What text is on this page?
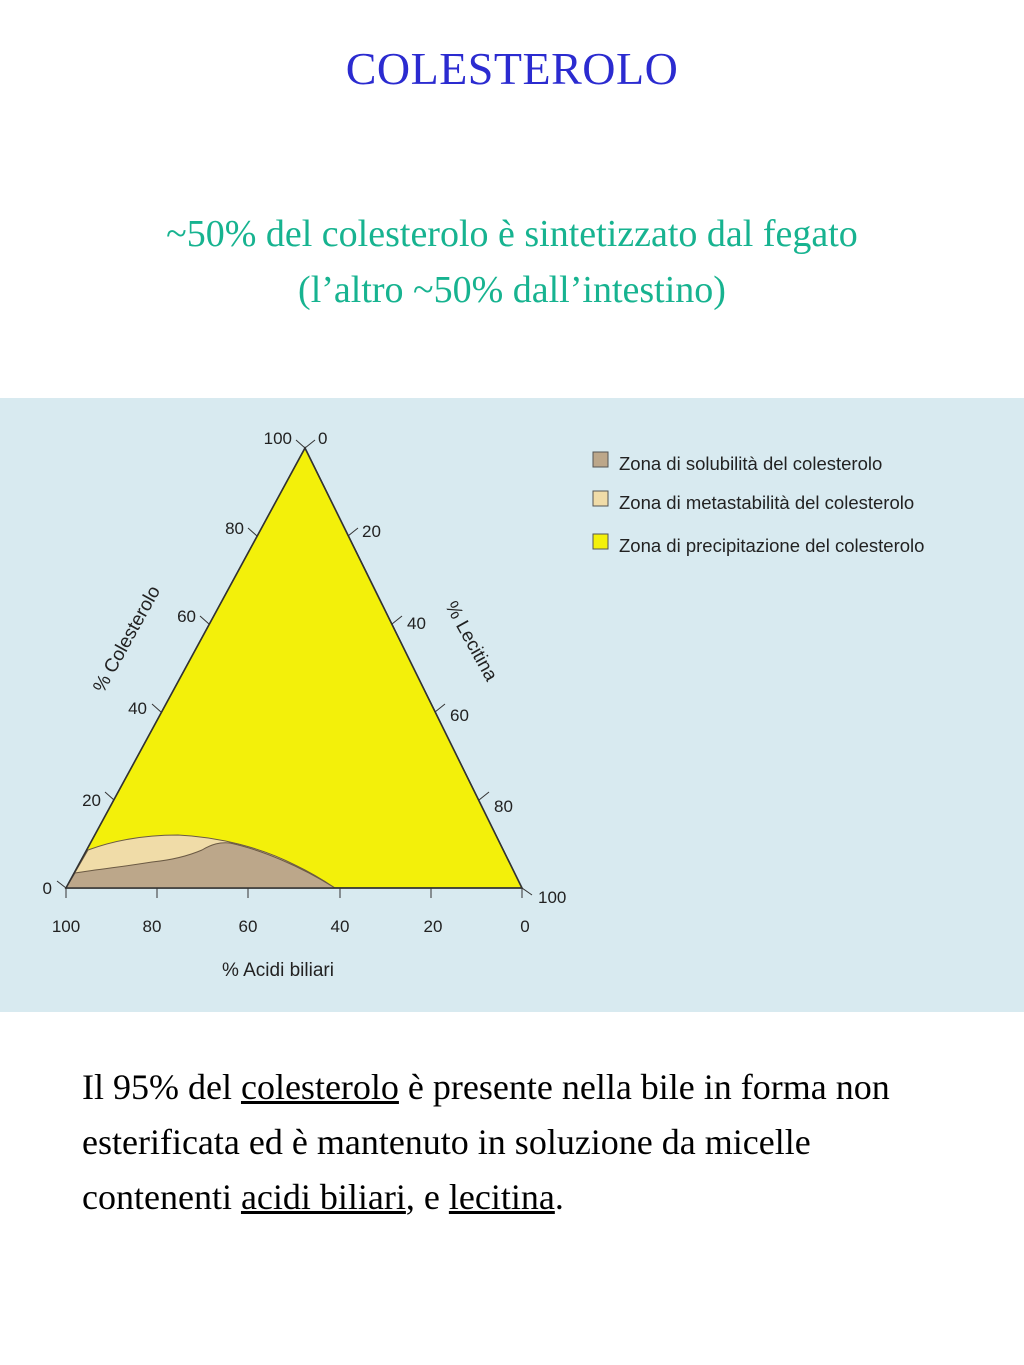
COLESTEROLO
~50% del colesterolo è sintetizzato dal fegato
(l’altro ~50% dall’intestino)
100
80
60
40
20
0
0
20
40
60
80
100
100	80	60	40	20	0
% Colesterolo	% Lecitina
% Acidi biliari
Zona di solubilità del colesterolo
Zona di metastabilità del colesterolo
Zona di precipitazione del colesterolo
Il 95% del colesterolo è presente nella bile in forma non esterificata ed è mantenuto in soluzione da micelle contenenti acidi biliari, e lecitina.
